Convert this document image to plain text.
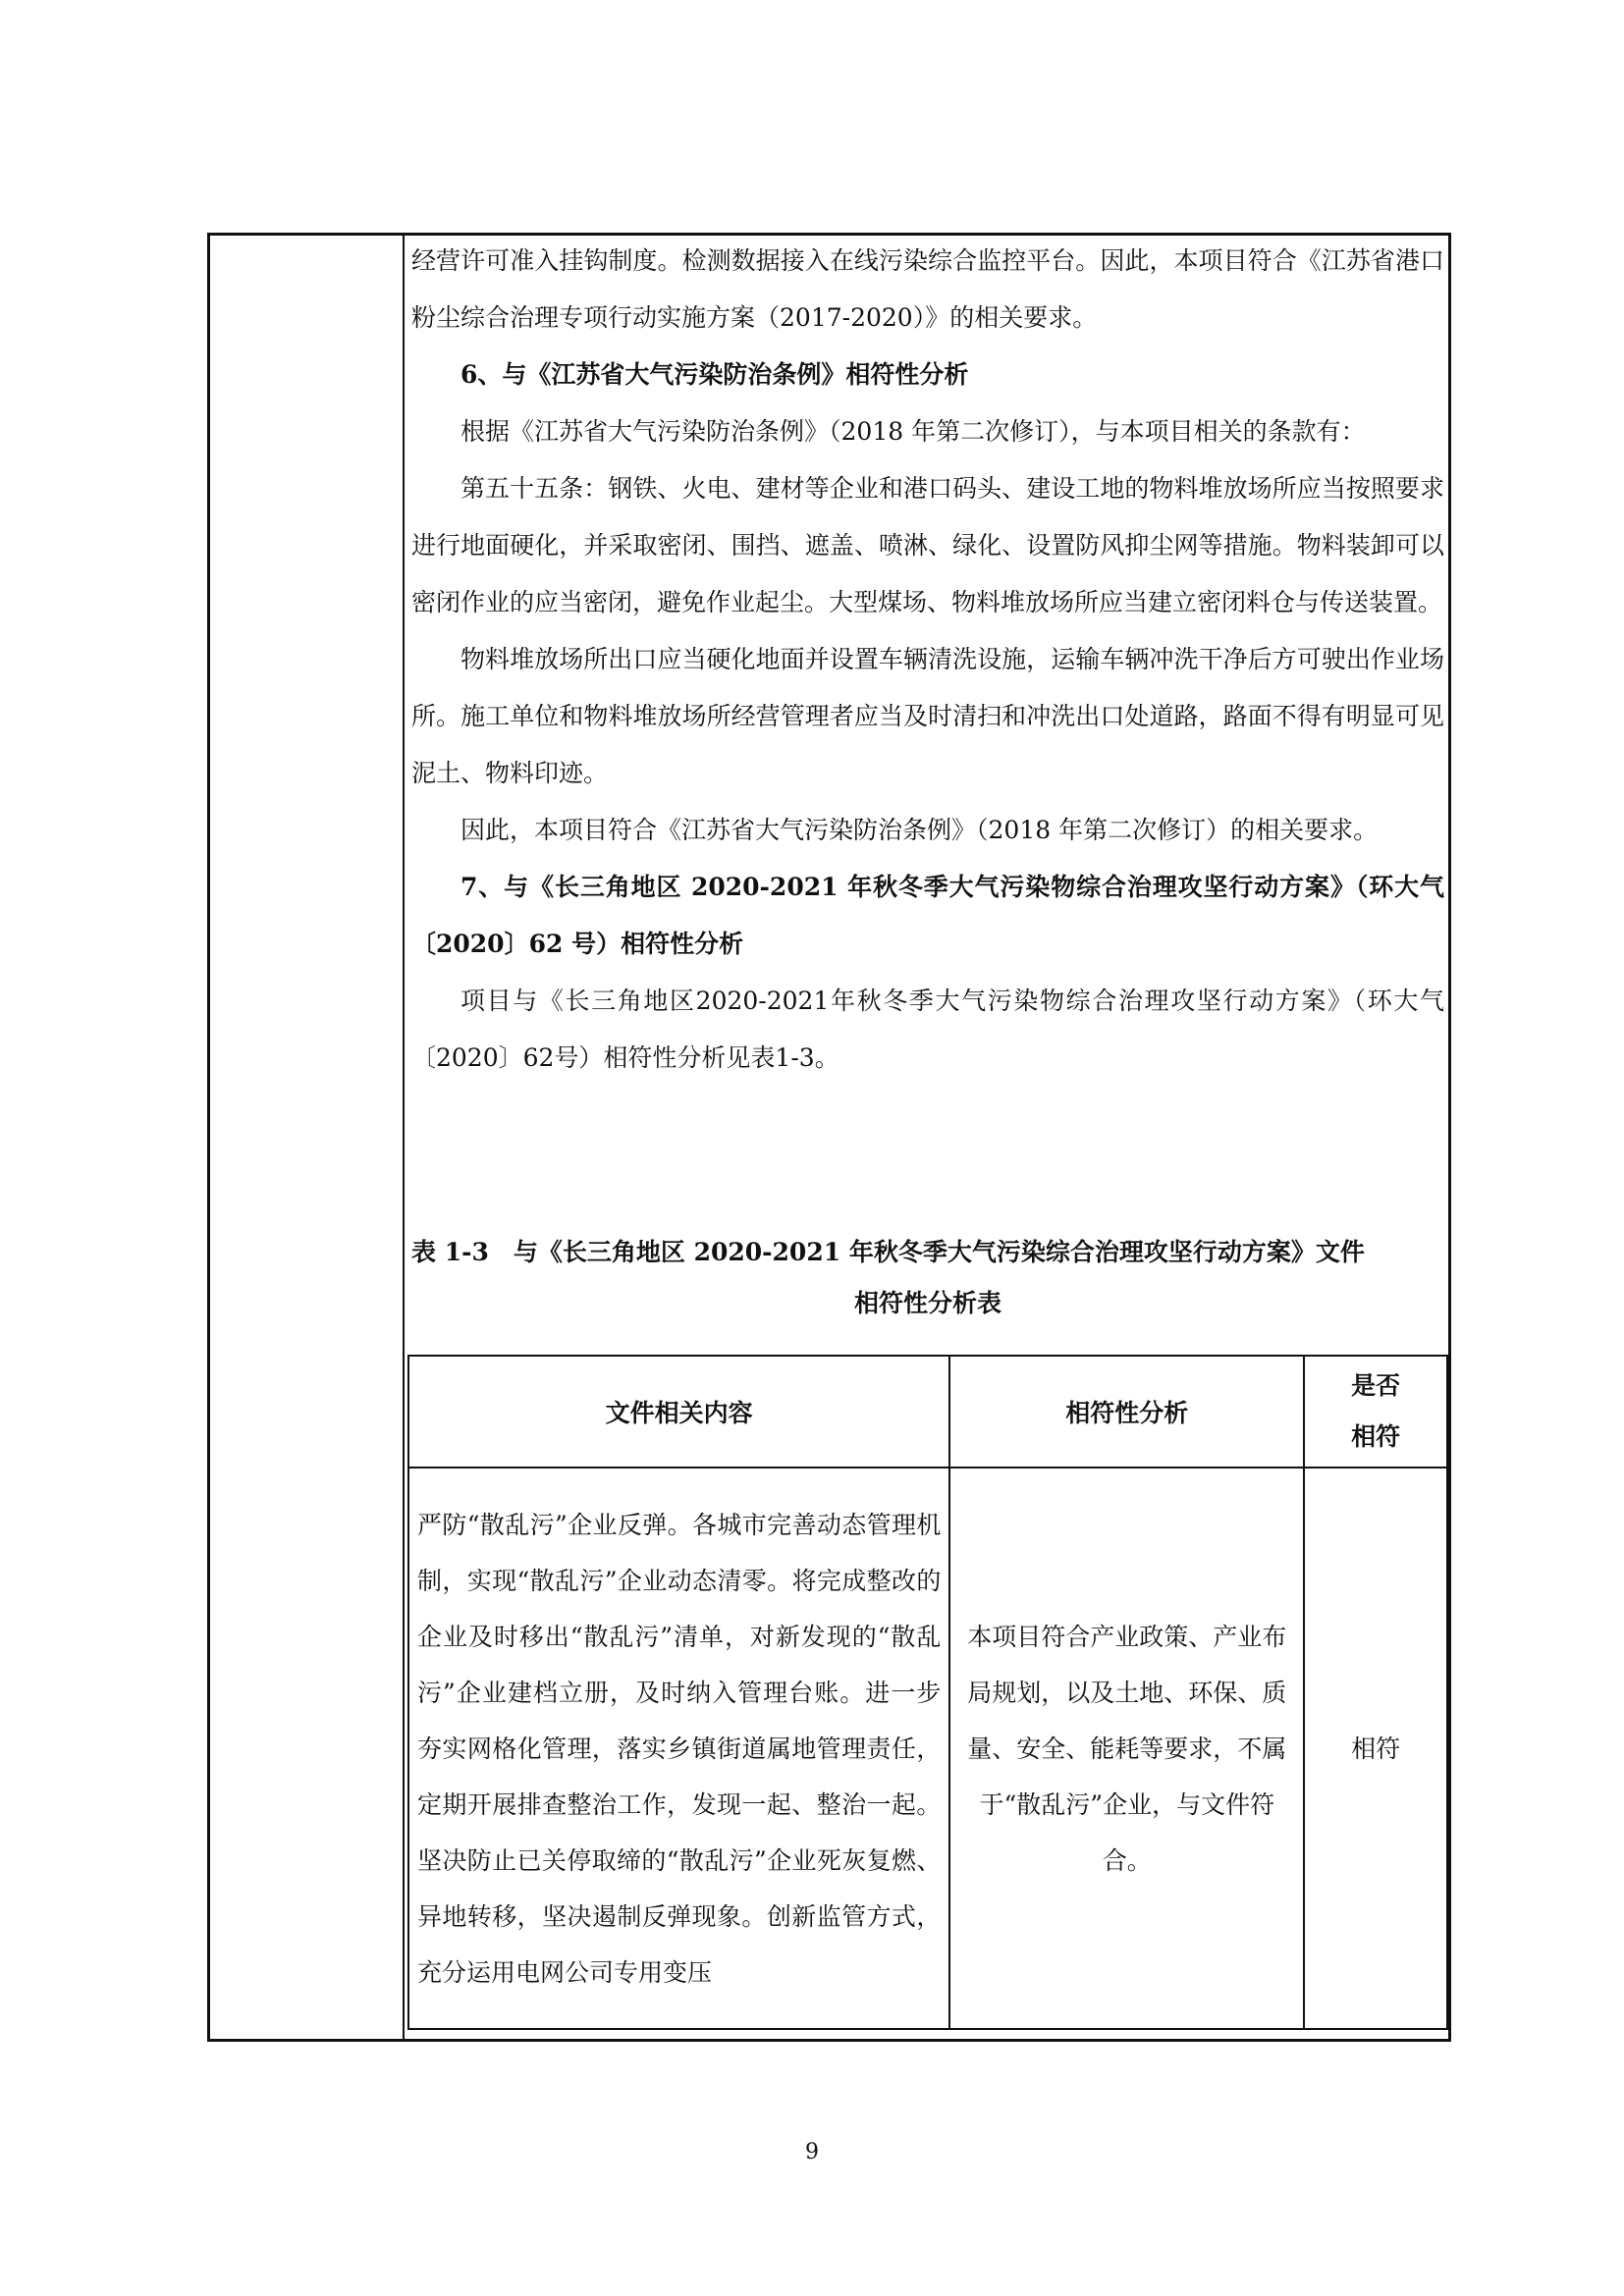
经营许可准入挂钩制度。检测数据接入在线污染综合监控平台。因此，本项目符合《江苏省港口粉尘综合治理专项行动实施方案（2017-2020）》的相关要求。

6、与《江苏省大气污染防治条例》相符性分析

根据《江苏省大气污染防治条例》（2018 年第二次修订），与本项目相关的条款有：

第五十五条：钢铁、火电、建材等企业和港口码头、建设工地的物料堆放场所应当按照要求进行地面硬化，并采取密闭、围挡、遮盖、喷淋、绿化、设置防风抑尘网等措施。物料装卸可以密闭作业的应当密闭，避免作业起尘。大型煤场、物料堆放场所应当建立密闭料仓与传送装置。

物料堆放场所出口应当硬化地面并设置车辆清洗设施，运输车辆冲洗干净后方可驶出作业场所。施工单位和物料堆放场所经营管理者应当及时清扫和冲洗出口处道路，路面不得有明显可见泥土、物料印迹。

因此，本项目符合《江苏省大气污染防治条例》（2018 年第二次修订）的相关要求。

7、与《长三角地区 2020-2021 年秋冬季大气污染物综合治理攻坚行动方案》（环大气〔2020〕62 号）相符性分析

项目与《长三角地区2020-2021年秋冬季大气污染物综合治理攻坚行动方案》（环大气〔2020〕62号）相符性分析见表1-3。

表 1-3　与《长三角地区 2020-2021 年秋冬季大气污染综合治理攻坚行动方案》文件
相符性分析表
文件相关内容	相符性分析	是否相符
严防“散乱污”企业反弹。各城市完善动态管理机制，实现“散乱污”企业动态清零。将完成整改的企业及时移出“散乱污”清单，对新发现的“散乱污”企业建档立册，及时纳入管理台账。进一步夯实网格化管理，落实乡镇街道属地管理责任，定期开展排查整治工作，发现一起、整治一起。坚决防止已关停取缔的“散乱污”企业死灰复燃、异地转移，坚决遏制反弹现象。创新监管方式，充分运用电网公司专用变压	本项目符合产业政策、产业布局规划，以及土地、环保、质量、安全、能耗等要求，不属于“散乱污”企业，与文件符合。	相符
9
